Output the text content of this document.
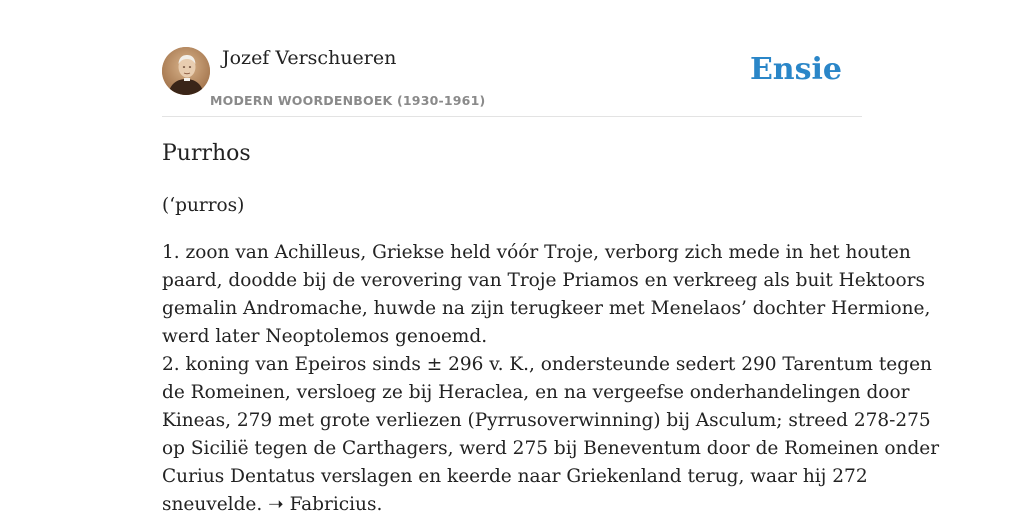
Jozef Verschueren
MODERN WOORDENBOEK (1930-1961)
Ensie
Purrhos

(‘purros)

1. zoon van Achilleus, Griekse held vóór Troje, verborg zich mede in het houten
paard, doodde bij de verovering van Troje Priamos en verkreeg als buit Hektoors
gemalin Andromache, huwde na zijn terugkeer met Menelaos’ dochter Hermione,
werd later Neoptolemos genoemd.
2. koning van Epeiros sinds ± 296 v. K., ondersteunde sedert 290 Tarentum tegen
de Romeinen, versloeg ze bij Heraclea, en na vergeefse onderhandelingen door
Kineas, 279 met grote verliezen (Pyrrusoverwinning) bij Asculum; streed 278-275
op Sicilië tegen de Carthagers, werd 275 bij Beneventum door de Romeinen onder
Curius Dentatus verslagen en keerde naar Griekenland terug, waar hij 272
sneuvelde. ➝ Fabricius.
